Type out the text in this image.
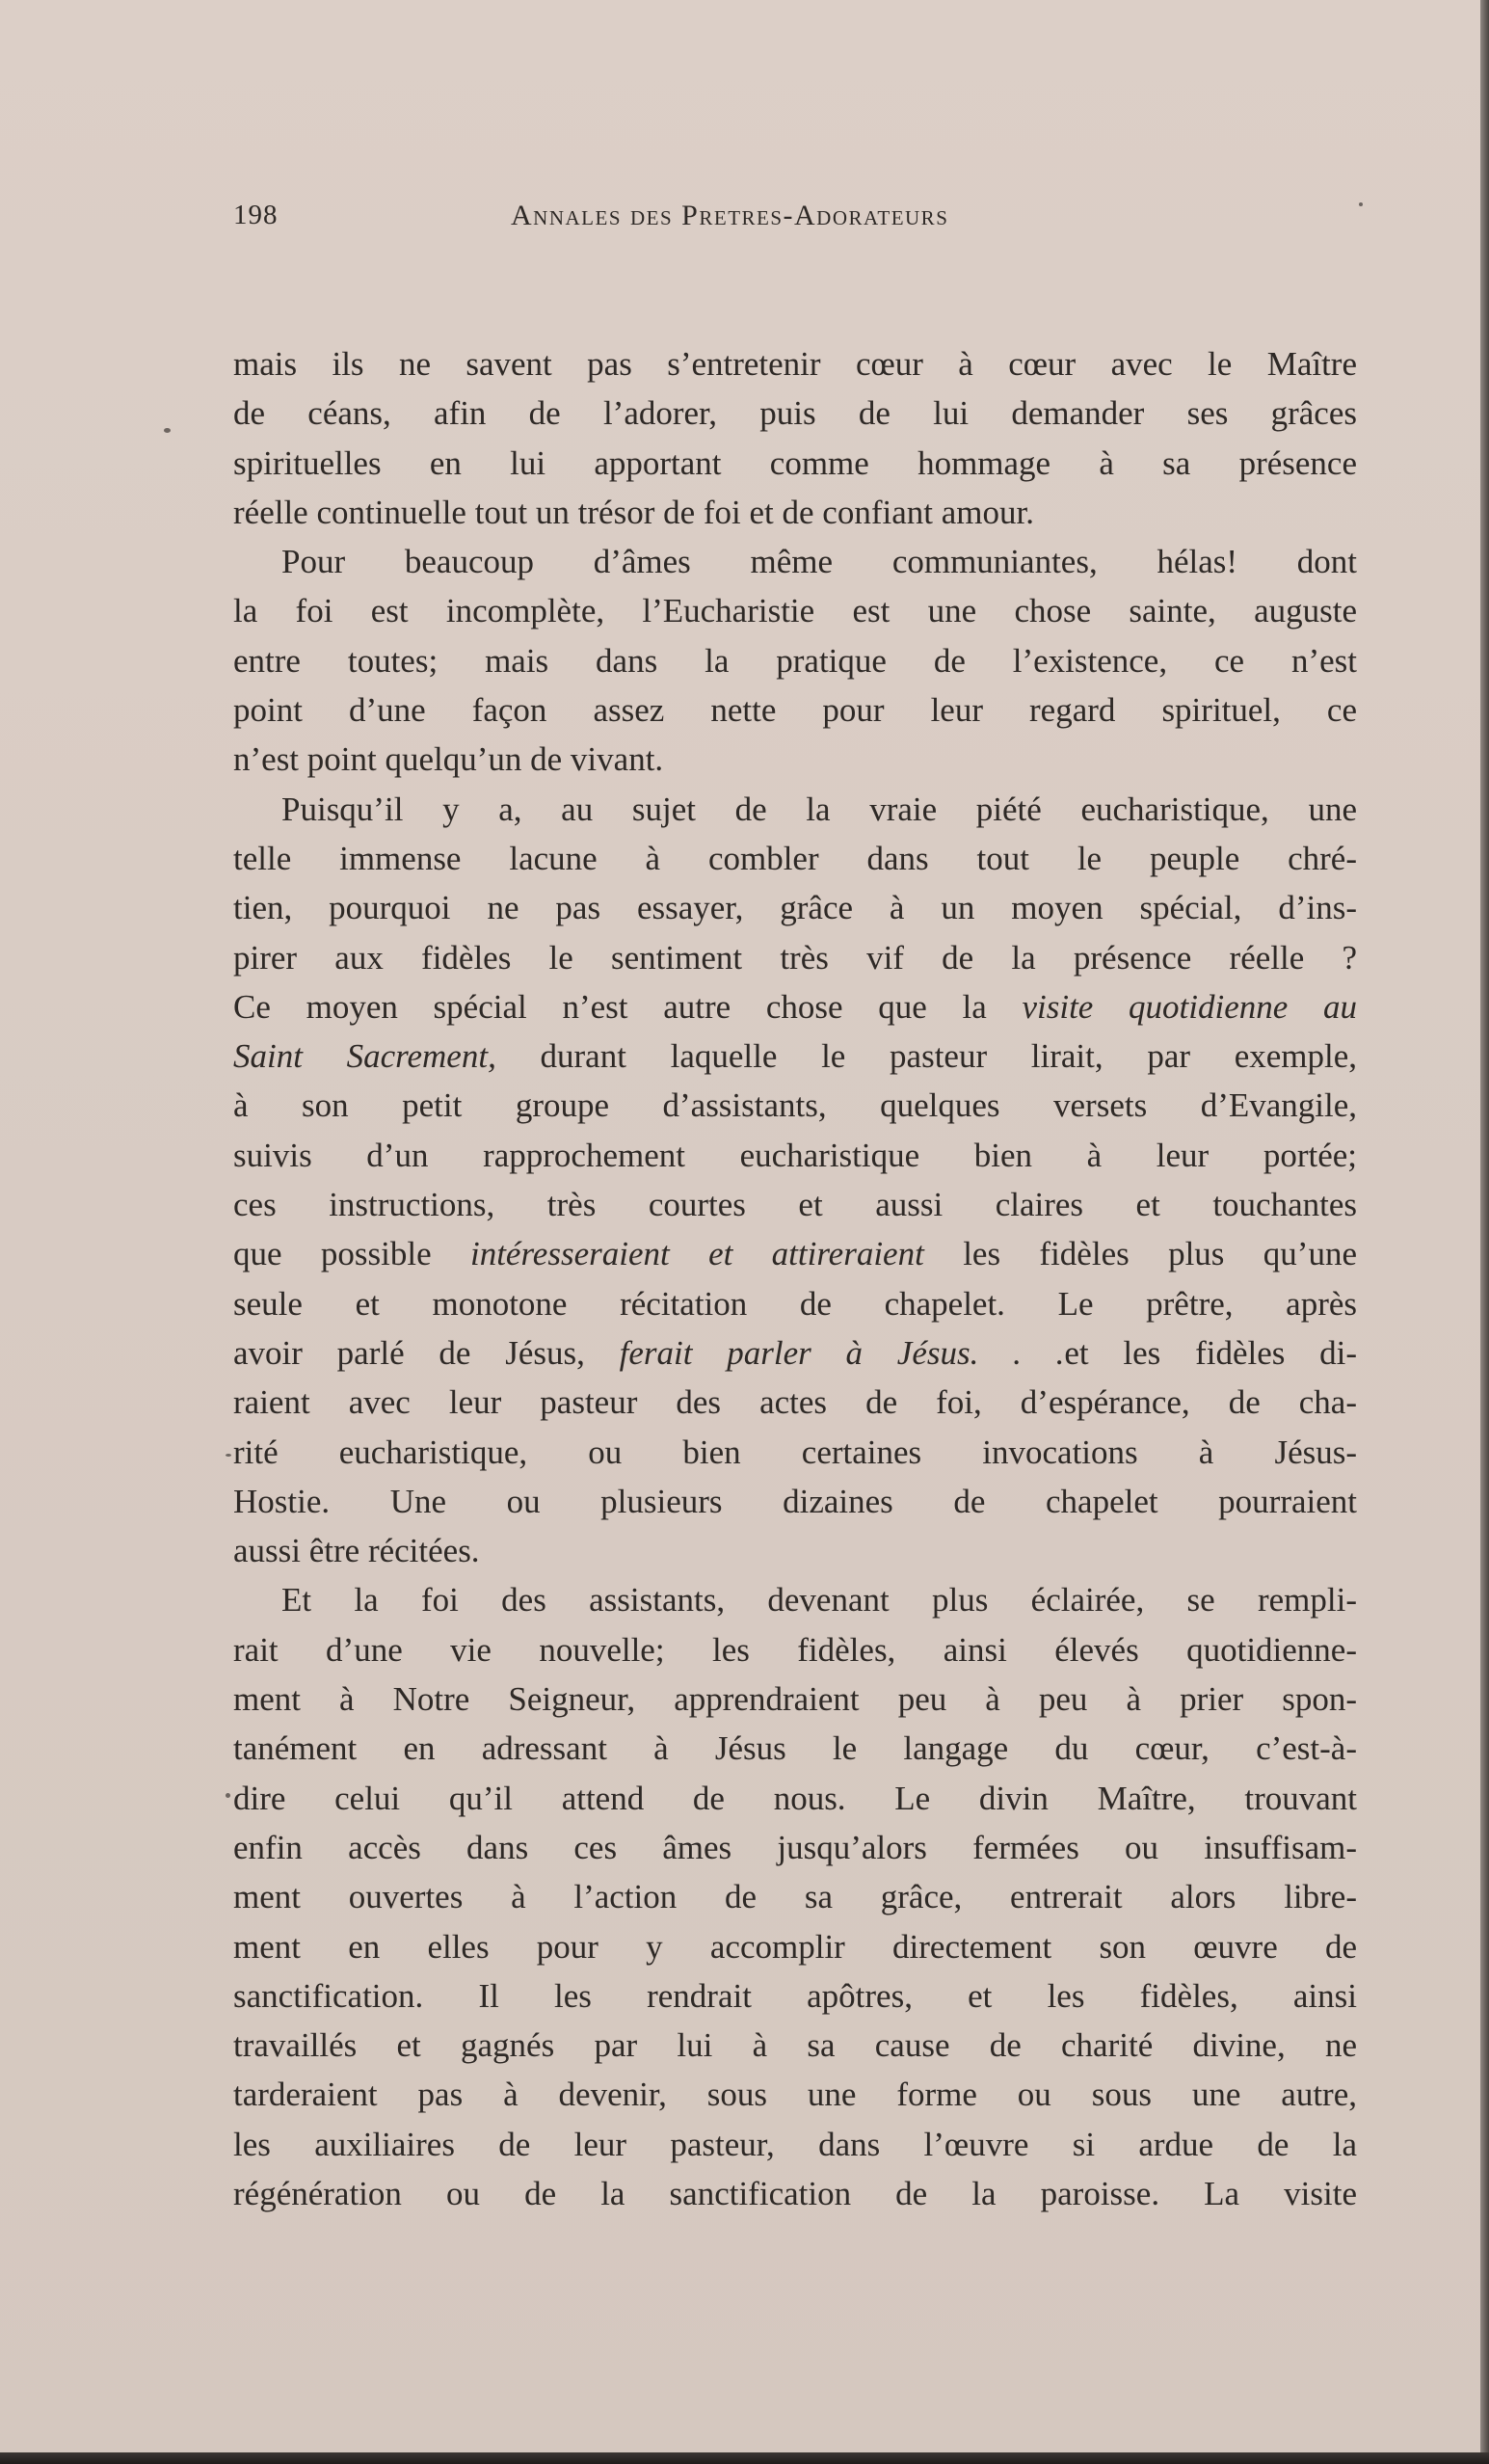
198	Annales des Pretres-Adorateurs
mais ils ne savent pas s’entretenir cœur à cœur avec le Maître
de céans, afin de l’adorer, puis de lui demander ses grâces
spirituelles en lui apportant comme hommage à sa présence
réelle continuelle tout un trésor de foi et de confiant amour.
Pour beaucoup d’âmes même communiantes, hélas! dont
la foi est incomplète, l’Eucharistie est une chose sainte, auguste
entre toutes; mais dans la pratique de l’existence, ce n’est
point d’une façon assez nette pour leur regard spirituel, ce
n’est point quelqu’un de vivant.
Puisqu’il y a, au sujet de la vraie piété eucharistique, une
telle immense lacune à combler dans tout le peuple chré-
tien, pourquoi ne pas essayer, grâce à un moyen spécial, d’ins-
pirer aux fidèles le sentiment très vif de la présence réelle ?
Ce moyen spécial n’est autre chose que la visite quotidienne au
Saint Sacrement, durant laquelle le pasteur lirait, par exemple,
à son petit groupe d’assistants, quelques versets d’Evangile,
suivis d’un rapprochement eucharistique bien à leur portée;
ces instructions, très courtes et aussi claires et touchantes
que possible intéresseraient et attireraient les fidèles plus qu’une
seule et monotone récitation de chapelet. Le prêtre, après
avoir parlé de Jésus, ferait parler à Jésus. . .et les fidèles di-
raient avec leur pasteur des actes de foi, d’espérance, de cha-
rité eucharistique, ou bien certaines invocations à Jésus-
Hostie. Une ou plusieurs dizaines de chapelet pourraient
aussi être récitées.
Et la foi des assistants, devenant plus éclairée, se rempli-
rait d’une vie nouvelle; les fidèles, ainsi élevés quotidienne-
ment à Notre Seigneur, apprendraient peu à peu à prier spon-
tanément en adressant à Jésus le langage du cœur, c’est-à-
dire celui qu’il attend de nous. Le divin Maître, trouvant
enfin accès dans ces âmes jusqu’alors fermées ou insuffisam-
ment ouvertes à l’action de sa grâce, entrerait alors libre-
ment en elles pour y accomplir directement son œuvre de
sanctification. Il les rendrait apôtres, et les fidèles, ainsi
travaillés et gagnés par lui à sa cause de charité divine, ne
tarderaient pas à devenir, sous une forme ou sous une autre,
les auxiliaires de leur pasteur, dans l’œuvre si ardue de la
régénération ou de la sanctification de la paroisse. La visite
